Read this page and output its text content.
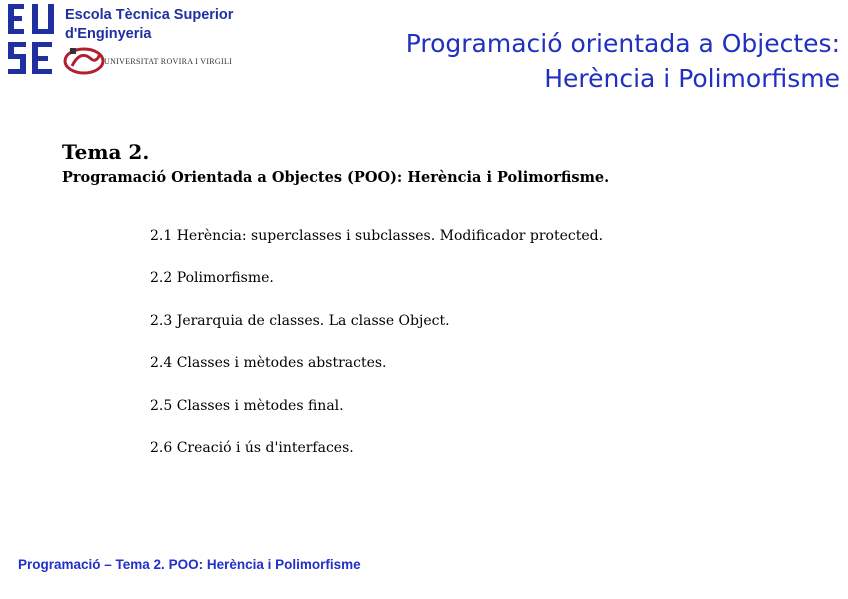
Escola Tècnica Superior
d'Enginyeria
UNIVERSITAT ROVIRA I VIRGILI
Programació orientada a Objectes:
Herència i Polimorfisme
Tema 2.
Programació Orientada a Objectes (POO): Herència i Polimorfisme.
2.1 Herència: superclasses i subclasses. Modificador protected.
2.2 Polimorfisme.
2.3 Jerarquia de classes. La classe Object.
2.4 Classes i mètodes abstractes.
2.5 Classes i mètodes final.
2.6 Creació i ús d'interfaces.
Programació – Tema 2. POO: Herència i Polimorfisme
